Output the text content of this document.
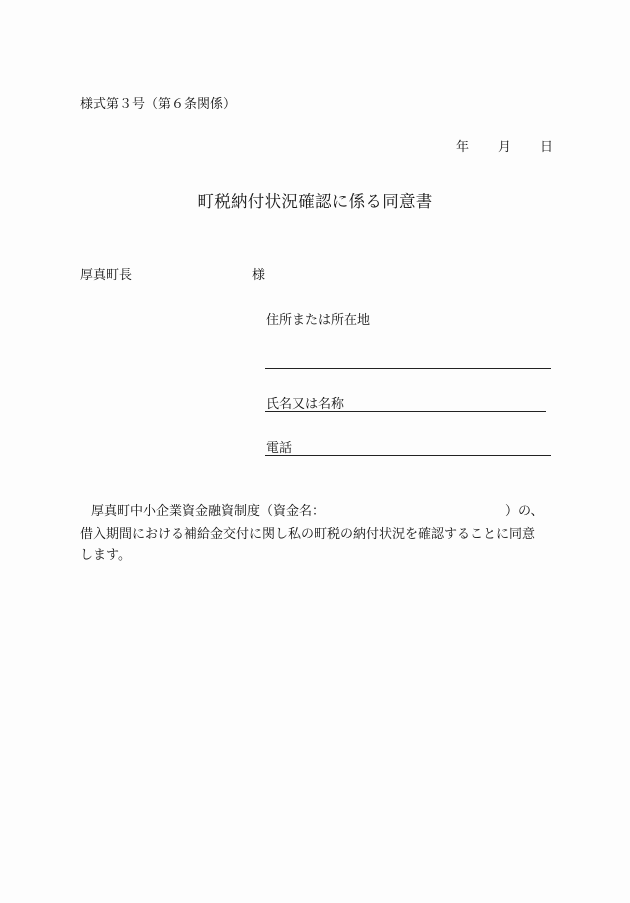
様式第３号（第６条関係）
年	月	日
町税納付状況確認に係る同意書
厚真町長	様
住所または所在地
氏名又は名称
電話
厚真町中小企業資金融資制度（資金名：	）の、
借入期間における補給金交付に関し私の町税の納付状況を確認することに同意
します。
